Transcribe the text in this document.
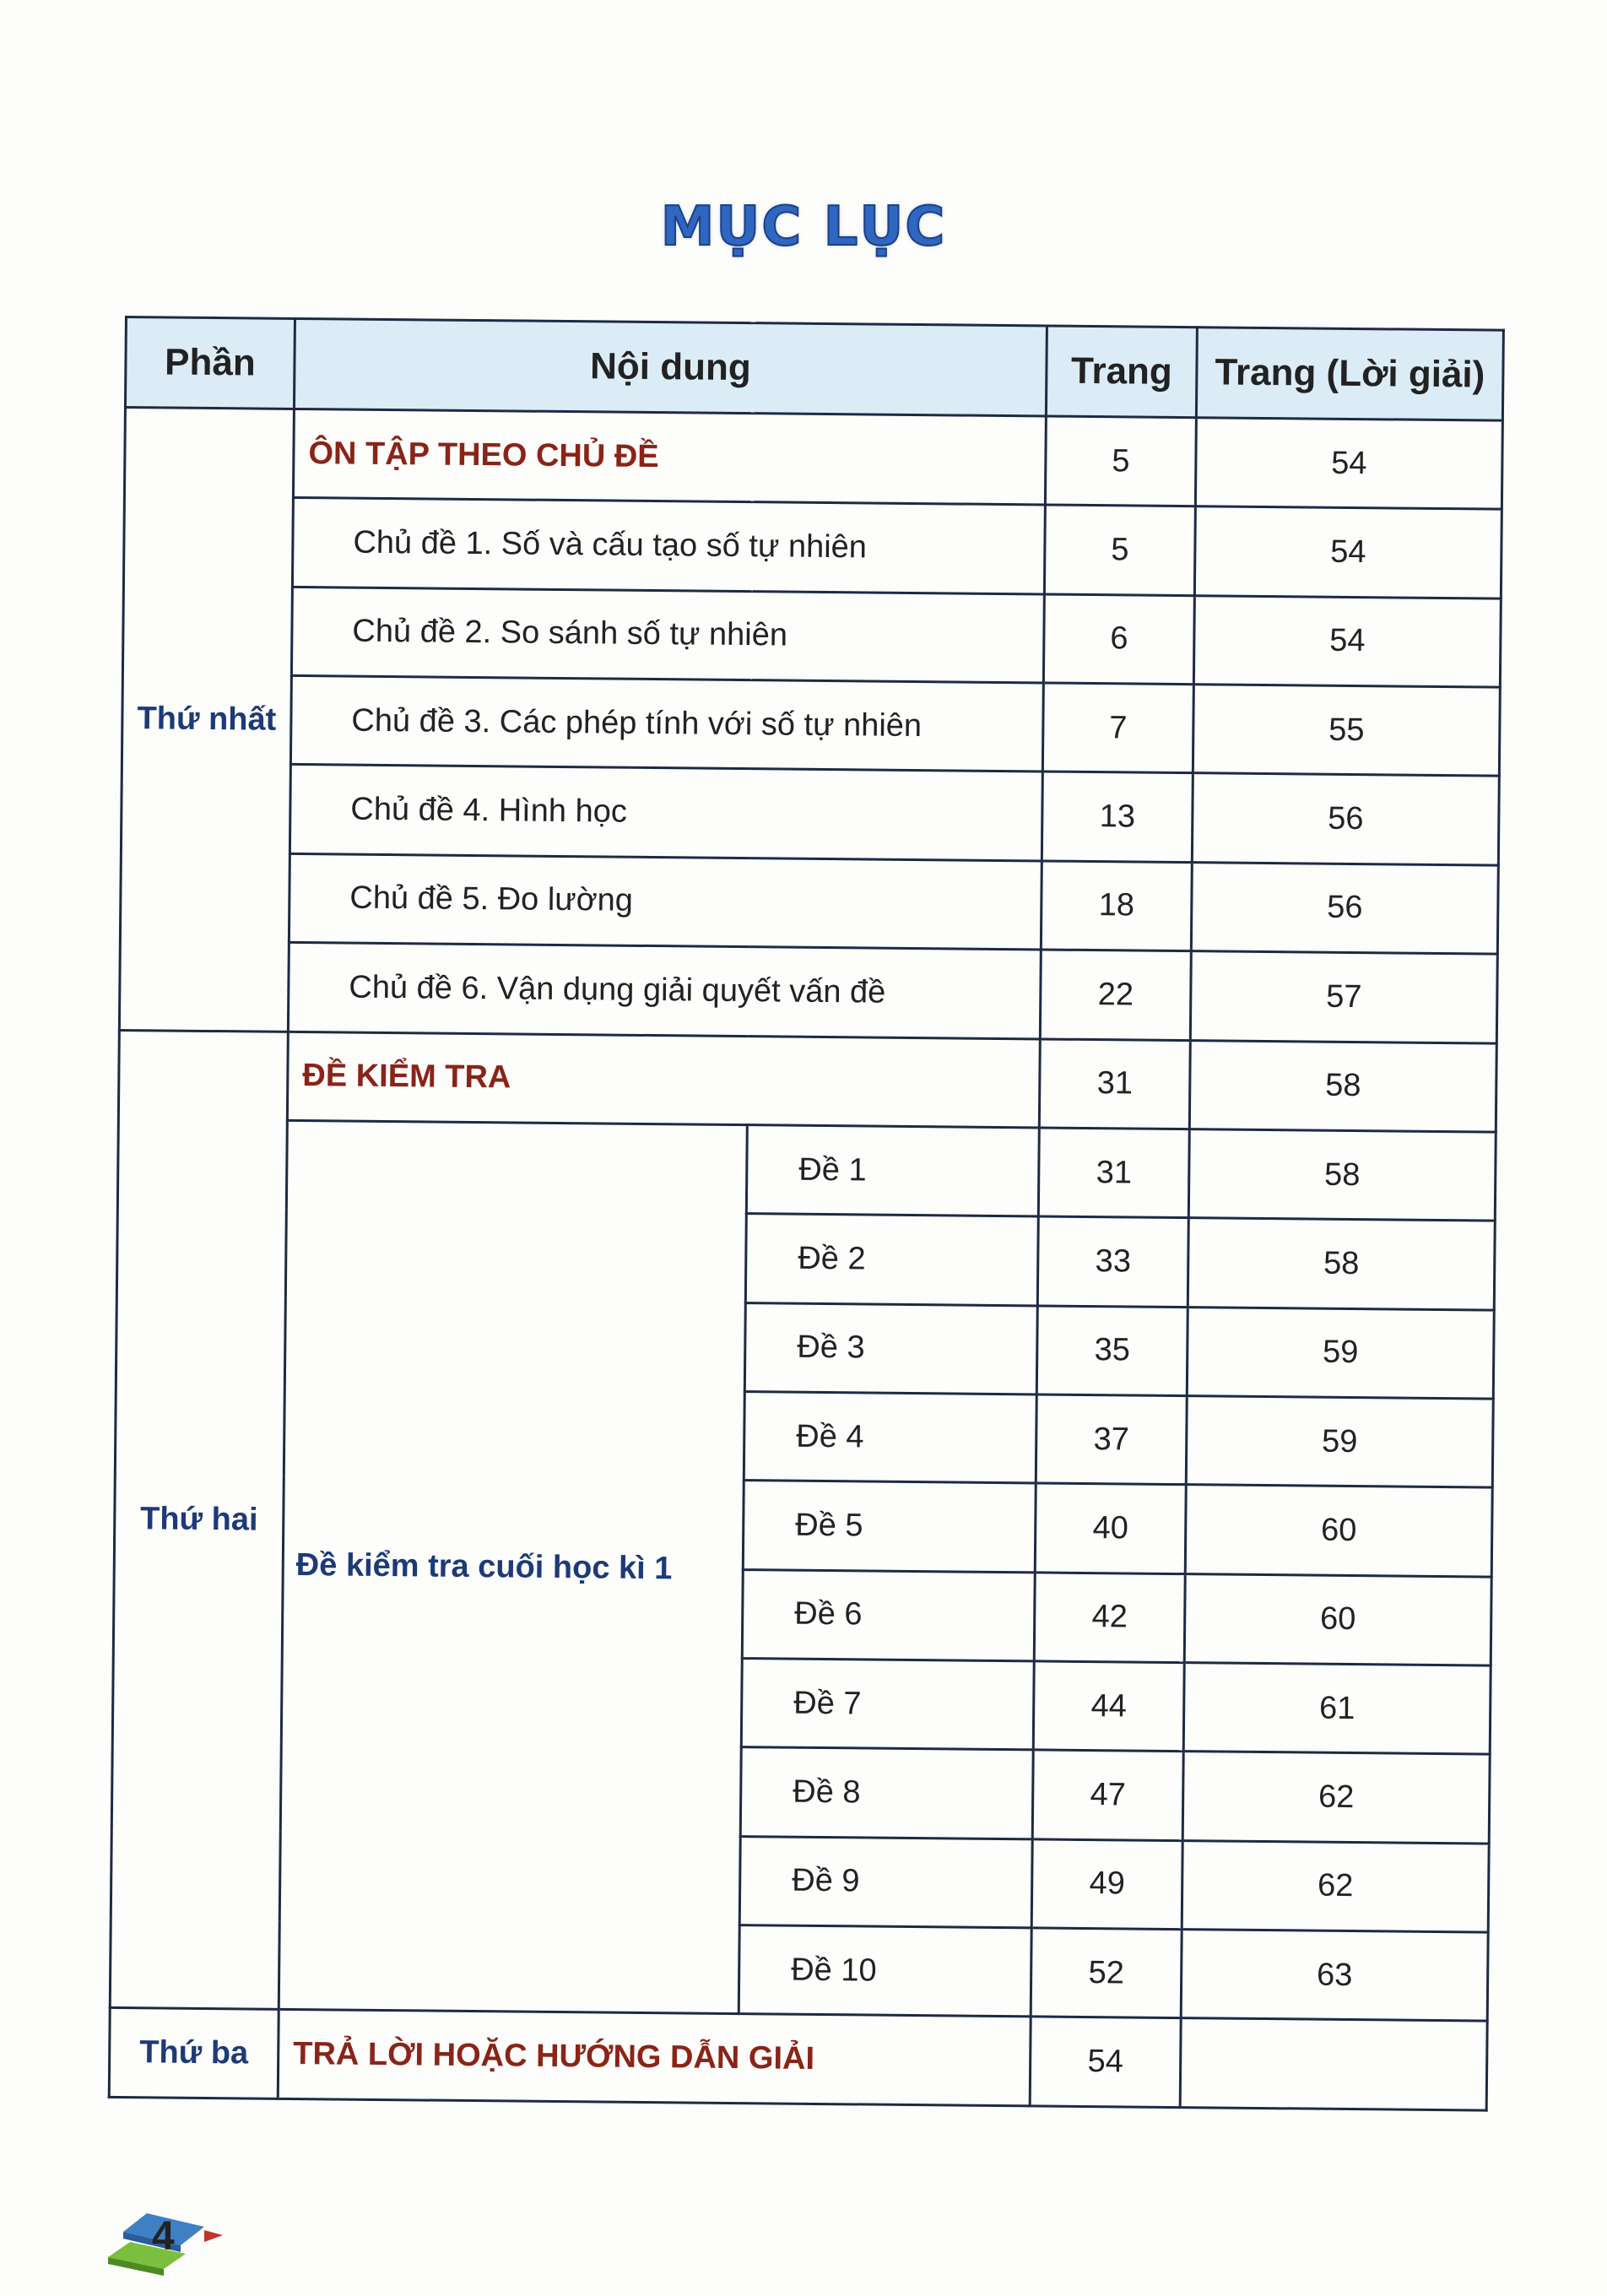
MỤC LỤC
Phần	Nội dung		Trang	Trang (Lời giải)
Thứ nhất	ÔN TẬP THEO CHỦ ĐỀ		5	54
	Chủ đề 1. Số và cấu tạo số tự nhiên		5	54
	Chủ đề 2. So sánh số tự nhiên		6	54
	Chủ đề 3. Các phép tính với số tự nhiên		7	55
	Chủ đề 4. Hình học		13	56
	Chủ đề 5. Đo lường		18	56
	Chủ đề 6. Vận dụng giải quyết vấn đề		22	57
Thứ hai	ĐỀ KIỂM TRA		31	58
	Đề kiểm tra cuối học kì 1	Đề 1	31	58
		Đề 2	33	58
		Đề 3	35	59
		Đề 4	37	59
		Đề 5	40	60
		Đề 6	42	60
		Đề 7	44	61
		Đề 8	47	62
		Đề 9	49	62
		Đề 10	52	63
Thứ ba	TRẢ LỜI HOẶC HƯỚNG DẪN GIẢI		54	
4
